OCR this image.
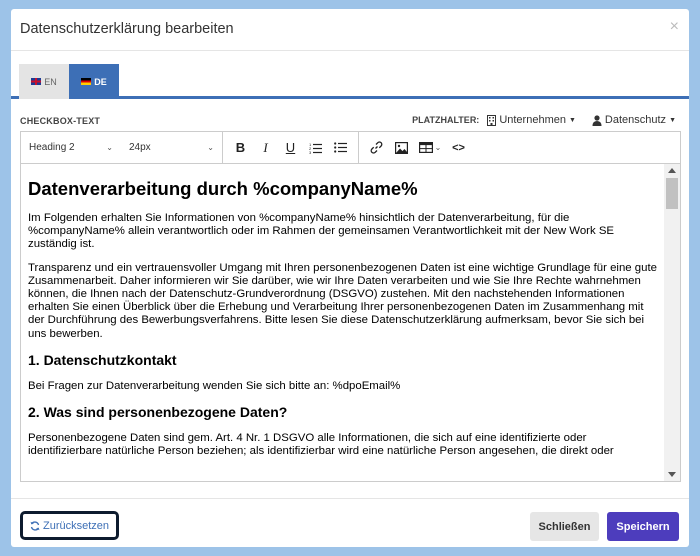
Datenschutzerklärung bearbeiten	×
EN	DE
CHECKBOX-TEXT	PLATZHALTER: Unternehmen ▼	Datenschutz ▼
Heading 2	⌄ 24px	⌄	B	I	U	1
2
3	⌄ <>
Datenverarbeitung durch %companyName%

Im Folgenden erhalten Sie Informationen von %companyName% hinsichtlich der Datenverarbeitung, für die %companyName% allein verantwortlich oder im Rahmen der gemeinsamen Verantwortlichkeit mit der New Work SE zuständig ist.

Transparenz und ein vertrauensvoller Umgang mit Ihren personenbezogenen Daten ist eine wichtige Grundlage für eine gute Zusammenarbeit. Daher informieren wir Sie darüber, wie wir Ihre Daten verarbeiten und wie Sie Ihre Rechte wahrnehmen können, die Ihnen nach der Datenschutz-Grundverordnung (DSGVO) zustehen. Mit den nachstehenden Informationen erhalten Sie einen Überblick über die Erhebung und Verarbeitung Ihrer personenbezogenen Daten im Zusammenhang mit der Durchführung des Bewerbungsverfahrens. Bitte lesen Sie diese Datenschutzerklärung aufmerksam, bevor Sie sich bei uns bewerben.

1. Datenschutzkontakt

Bei Fragen zur Datenverarbeitung wenden Sie sich bitte an: %dpoEmail%

2. Was sind personenbezogene Daten?

Personenbezogene Daten sind gem. Art. 4 Nr. 1 DSGVO alle Informationen, die sich auf eine identifizierte oder identifizierbare natürliche Person beziehen; als identifizierbar wird eine natürliche Person angesehen, die direkt oder

Zurücksetzen	Schließen	Speichern
